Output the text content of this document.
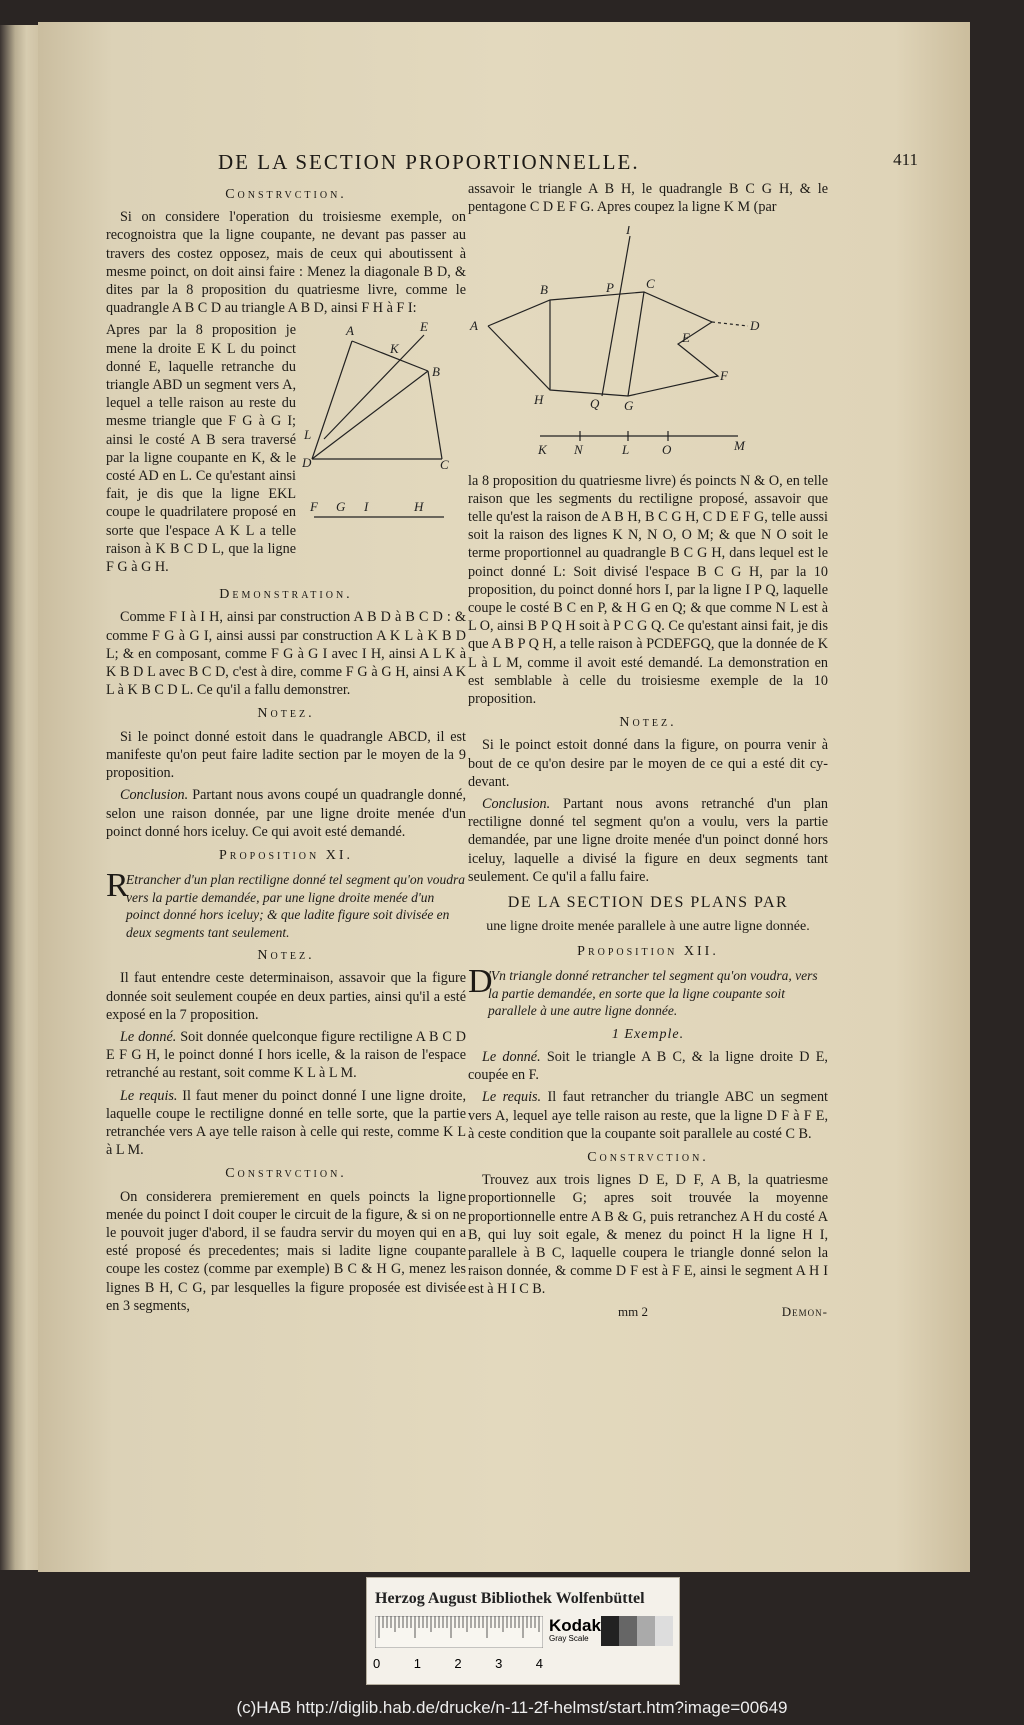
DE LA SECTION PROPORTIONNELLE.	411
Constrvction.

Si on considere l'operation du troisiesme exemple, on recognoistra que la ligne coupante, ne devant pas passer au travers des costez opposez, mais de ceux qui aboutissent à mesme poinct, on doit ainsi faire : Menez la diagonale B D, & dites par la 8 proposition du quatriesme livre, comme le quadrangle A B C D au triangle A B D, ainsi F H à F I:

Apres par la 8 proposition je mene la droite E K L du poinct donné E, laquelle retranche du triangle ABD un segment vers A, lequel a telle raison au reste du mesme triangle que F G à G I; ainsi le costé A B sera traversé par la ligne coupante en K, & le costé AD en L. Ce qu'estant ainsi fait, je dis que la ligne EKL coupe le quadrilatere proposé en sorte que l'espace A K L a telle raison à K B C D L, que la ligne F G à G H.

A	E
K
B
L
D	C
F G I	H
Demonstration.

Comme F I à I H, ainsi par construction A B D à B C D : & comme F G à G I, ainsi aussi par construction A K L à K B D L; & en composant, comme F G à G I avec I H, ainsi A L K à K B D L avec B C D, c'est à dire, comme F G à G H, ainsi A K L à K B C D L. Ce qu'il a fallu demonstrer.

Notez.

Si le poinct donné estoit dans le quadrangle ABCD, il est manifeste qu'on peut faire ladite section par le moyen de la 9 proposition.

Conclusion. Partant nous avons coupé un quadrangle donné, selon une raison donnée, par une ligne droite menée d'un poinct donné hors iceluy. Ce qui avoit esté demandé.

Proposition XI.
R
Etrancher d'un plan rectiligne donné tel segment qu'on voudra vers la partie demandée, par une ligne droite menée d'un poinct donné hors iceluy; & que ladite figure soit divisée en deux segments tant seulement.
Notez.

Il faut entendre ceste determinaison, assavoir que la figure donnée soit seulement coupée en deux parties, ainsi qu'il a esté exposé en la 7 proposition.

Le donné. Soit donnée quelconque figure rectiligne A B C D E F G H, le poinct donné I hors icelle, & la raison de l'espace retranché au restant, soit comme K L à L M.

Le requis. Il faut mener du poinct donné I une ligne droite, laquelle coupe le rectiligne donné en telle sorte, que la partie retranchée vers A aye telle raison à celle qui reste, comme K L à L M.

Constrvction.

On considerera premierement en quels poincts la ligne menée du poinct I doit couper le circuit de la figure, & si on ne le pouvoit juger d'abord, il se faudra servir du moyen qui en a esté proposé és precedentes; mais si ladite ligne coupante coupe les costez (comme par exemple) B C & H G, menez les lignes B H, C G, par lesquelles la figure proposée est divisée en 3 segments,

assavoir le triangle A B H, le quadrangle B C G H, & le pentagone C D E F G. Apres coupez la ligne K M (par

I
B	P C
D
A
E
F
H	Q G
K N	L	O	M

la 8 proposition du quatriesme livre) és poincts N & O, en telle raison que les segments du rectiligne proposé, assavoir que telle qu'est la raison de A B H, B C G H, C D E F G, telle aussi soit la raison des lignes K N, N O, O M; & que N O soit le terme proportionnel au quadrangle B C G H, dans lequel est le poinct donné L: Soit divisé l'espace B C G H, par la 10 proposition, du poinct donné hors I, par la ligne I P Q, laquelle coupe le costé B C en P, & H G en Q; & que comme N L est à L O, ainsi B P Q H soit à P C G Q. Ce qu'estant ainsi fait, je dis que A B P Q H, a telle raison à PCDEFGQ, que la donnée de K L à L M, comme il avoit esté demandé. La demonstration en est semblable à celle du troisiesme exemple de la 10 proposition.

Notez.

Si le poinct estoit donné dans la figure, on pourra venir à bout de ce qu'on desire par le moyen de ce qui a esté dit cy-devant.

Conclusion. Partant nous avons retranché d'un plan rectiligne donné tel segment qu'on a voulu, vers la partie demandée, par une ligne droite menée d'un poinct donné hors iceluy, laquelle a divisé la figure en deux segments tant seulement. Ce qu'il a fallu faire.

DE LA SECTION DES PLANS PAR
une ligne droite menée parallele à une autre ligne donnée.
Proposition XII.
D
'Vn triangle donné retrancher tel segment qu'on voudra, vers la partie demandée, en sorte que la ligne coupante soit parallele à une autre ligne donnée.
1 Exemple.

Le donné. Soit le triangle A B C, & la ligne droite D E, coupée en F.

Le requis. Il faut retrancher du triangle ABC un segment vers A, lequel aye telle raison au reste, que la ligne D F à F E, à ceste condition que la coupante soit parallele au costé C B.

Constrvction.

Trouvez aux trois lignes D E, D F, A B, la quatriesme proportionnelle G; apres soit trouvée la moyenne proportionnelle entre A B & G, puis retranchez A H du costé A B, qui luy soit egale, & menez du poinct H la ligne H I, parallele à B C, laquelle coupera le triangle donné selon la raison donnée, & comme D F est à F E, ainsi le segment A H I est à H I C B.

mm 2	Demon-
Herzog August Bibliothek Wolfenbüttel
0	1	2	3	4
Kodak
Gray Scale
(c)HAB http://diglib.hab.de/drucke/n-11-2f-helmst/start.htm?image=00649
